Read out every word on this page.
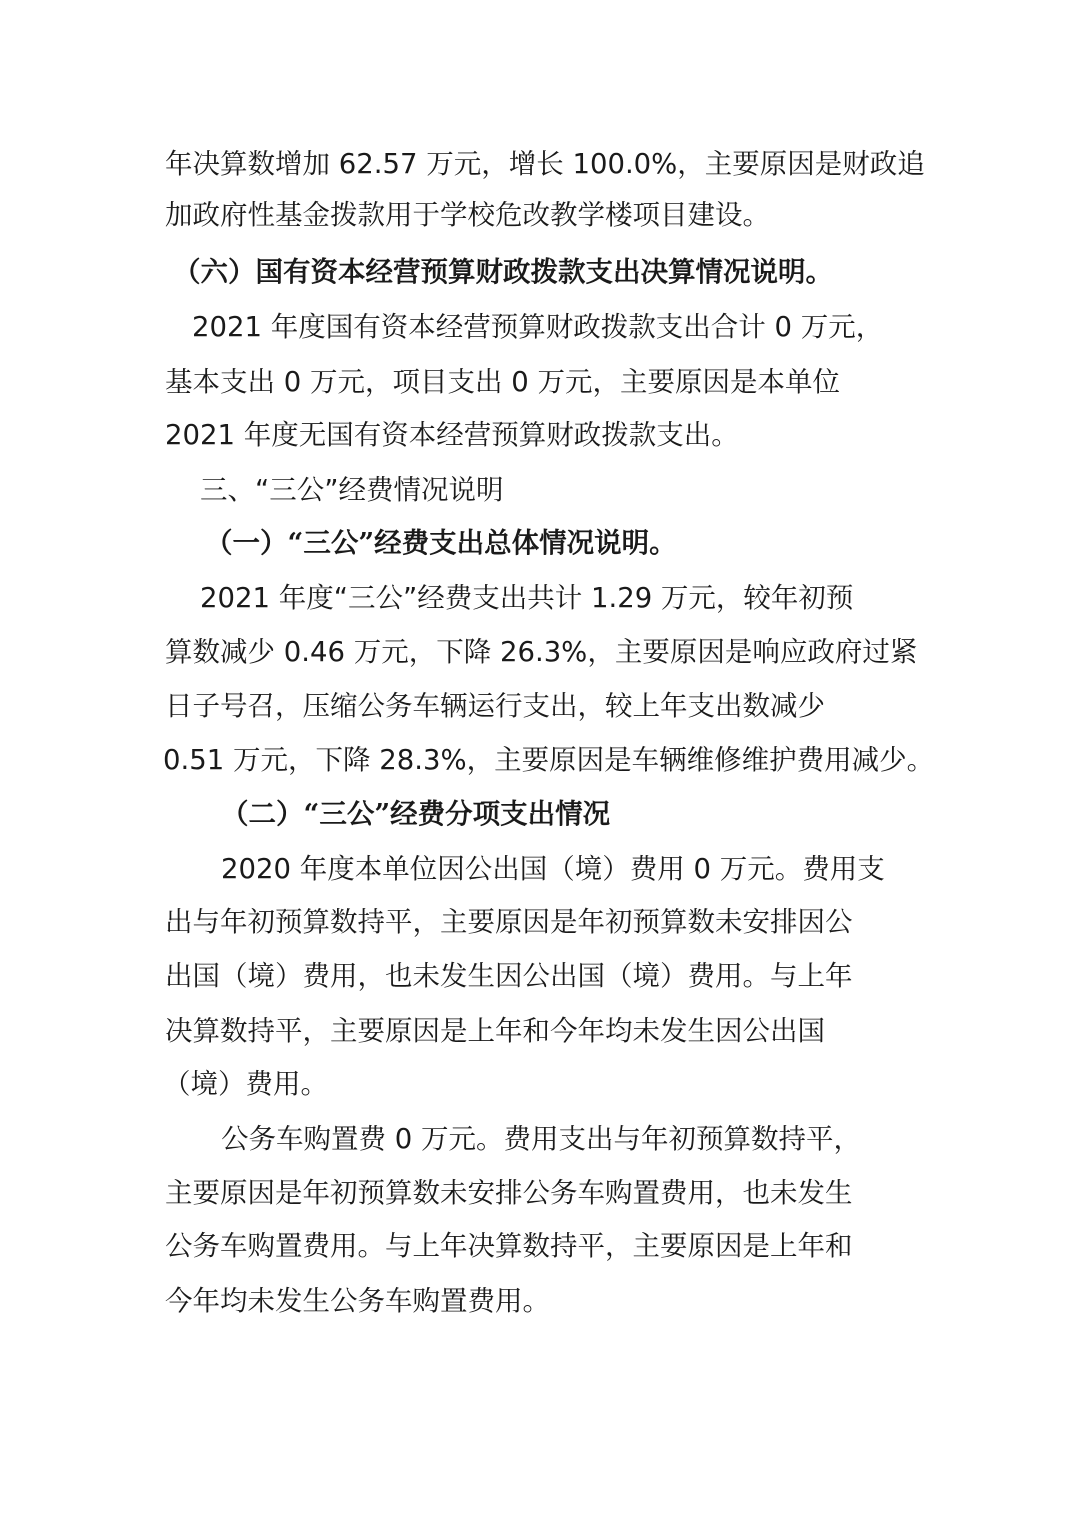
年决算数增加 62.57 万元，增长 100.0%，主要原因是财政追
加政府性基金拨款用于学校危改教学楼项目建设。
（六）国有资本经营预算财政拨款支出决算情况说明。
2021 年度国有资本经营预算财政拨款支出合计 0 万元，
基本支出 0 万元，项目支出 0 万元，主要原因是本单位
2021 年度无国有资本经营预算财政拨款支出。
三、“三公”经费情况说明
（一）“三公”经费支出总体情况说明。
2021 年度“三公”经费支出共计 1.29 万元，较年初预
算数减少 0.46 万元，下降 26.3%，主要原因是响应政府过紧
日子号召，压缩公务车辆运行支出，较上年支出数减少
0.51 万元，下降 28.3%，主要原因是车辆维修维护费用减少。
（二）“三公”经费分项支出情况
2020 年度本单位因公出国（境）费用 0 万元。费用支
出与年初预算数持平，主要原因是年初预算数未安排因公
出国（境）费用，也未发生因公出国（境）费用。与上年
决算数持平，主要原因是上年和今年均未发生因公出国
（境）费用。
公务车购置费 0 万元。费用支出与年初预算数持平，
主要原因是年初预算数未安排公务车购置费用，也未发生
公务车购置费用。与上年决算数持平，主要原因是上年和
今年均未发生公务车购置费用。
